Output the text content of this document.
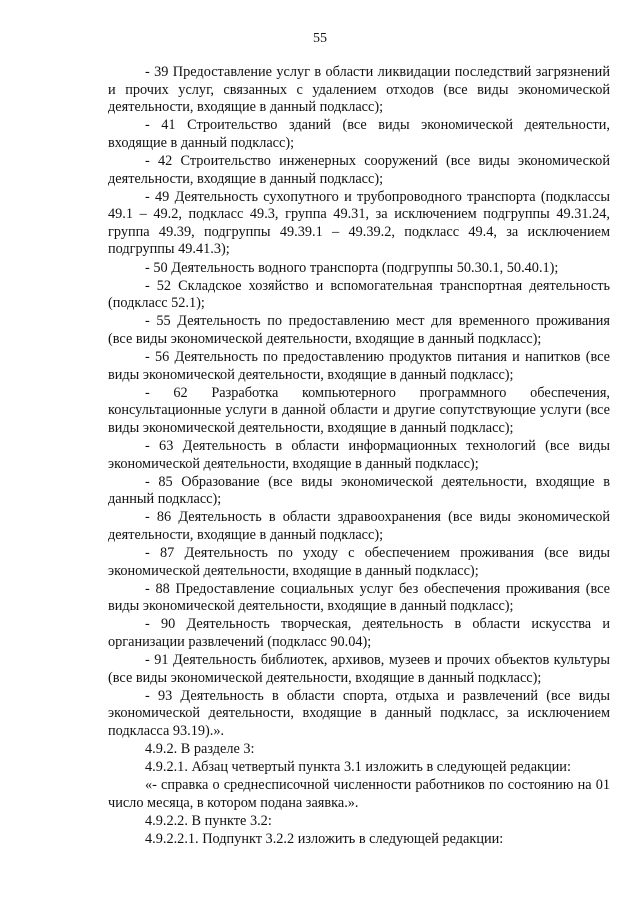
55

- 39 Предоставление услуг в области ликвидации последствий загрязнений и прочих услуг, связанных с удалением отходов (все виды экономической деятельности, входящие в данный подкласс);

- 41 Строительство зданий (все виды экономической деятельности, входящие в данный подкласс);

- 42 Строительство инженерных сооружений (все виды экономической деятельности, входящие в данный подкласс);

- 49 Деятельность сухопутного и трубопроводного транспорта (подклассы 49.1 – 49.2, подкласс 49.3, группа 49.31, за исключением подгруппы 49.31.24, группа 49.39, подгруппы 49.39.1 – 49.39.2, подкласс 49.4, за исключением подгруппы 49.41.3);

- 50 Деятельность водного транспорта (подгруппы 50.30.1, 50.40.1);

- 52 Складское хозяйство и вспомогательная транспортная деятельность (подкласс 52.1);

- 55 Деятельность по предоставлению мест для временного проживания (все виды экономической деятельности, входящие в данный подкласс);

- 56 Деятельность по предоставлению продуктов питания и напитков (все виды экономической деятельности, входящие в данный подкласс);

- 62 Разработка компьютерного программного обеспечения, консультационные услуги в данной области и другие сопутствующие услуги (все виды экономической деятельности, входящие в данный подкласс);

- 63 Деятельность в области информационных технологий (все виды экономической деятельности, входящие в данный подкласс);

- 85 Образование (все виды экономической деятельности, входящие в данный подкласс);

- 86 Деятельность в области здравоохранения (все виды экономической деятельности, входящие в данный подкласс);

- 87 Деятельность по уходу с обеспечением проживания (все виды экономической деятельности, входящие в данный подкласс);

- 88 Предоставление социальных услуг без обеспечения проживания (все виды экономической деятельности, входящие в данный подкласс);

- 90 Деятельность творческая, деятельность в области искусства и организации развлечений (подкласс 90.04);

- 91 Деятельность библиотек, архивов, музеев и прочих объектов культуры (все виды экономической деятельности, входящие в данный подкласс);

- 93 Деятельность в области спорта, отдыха и развлечений (все виды экономической деятельности, входящие в данный подкласс, за исключением подкласса 93.19).».

4.9.2. В разделе 3:

4.9.2.1. Абзац четвертый пункта 3.1 изложить в следующей редакции:

«- справка о среднесписочной численности работников по состоянию на 01 число месяца, в котором подана заявка.».

4.9.2.2. В пункте 3.2:

4.9.2.2.1. Подпункт 3.2.2 изложить в следующей редакции:
